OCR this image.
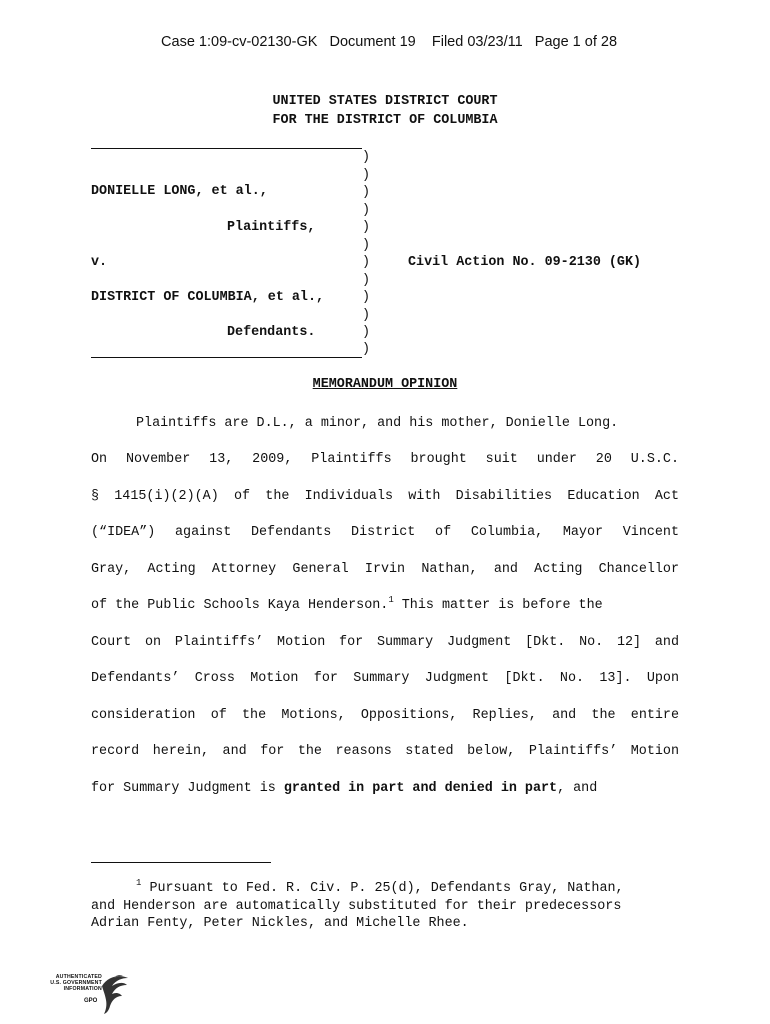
Case 1:09-cv-02130-GK Document 19 Filed 03/23/11 Page 1 of 28

UNITED STATES DISTRICT COURT
FOR THE DISTRICT OF COLUMBIA
)
)
)
)
)
)
)
)
)
)
)
)
DONIELLE LONG, et al.,
Plaintiffs,
v.	Civil Action No. 09-2130 (GK)
DISTRICT OF COLUMBIA, et al.,
Defendants.
MEMORANDUM OPINION
Plaintiffs are D.L., a minor, and his mother, Donielle Long.
On November 13, 2009, Plaintiffs brought suit under 20 U.S.C.
§ 1415(i)(2)(A) of the Individuals with Disabilities Education Act
(“IDEA”) against Defendants District of Columbia, Mayor Vincent
Gray, Acting Attorney General Irvin Nathan, and Acting Chancellor
of the Public Schools Kaya Henderson.$^1$ This matter is before the
Court on Plaintiffs’ Motion for Summary Judgment [Dkt. No. 12] and
Defendants’ Cross Motion for Summary Judgment [Dkt. No. 13]. Upon
consideration of the Motions, Oppositions, Replies, and the entire
record herein, and for the reasons stated below, Plaintiffs’ Motion
for Summary Judgment is granted in part and denied in part, and
$^1$ Pursuant to Fed. R. Civ. P. 25(d), Defendants Gray, Nathan,
and Henderson are automatically substituted for their predecessors
Adrian Fenty, Peter Nickles, and Michelle Rhee.
AUTHENTICATED
U.S. GOVERNMENT
INFORMATION
GPO
